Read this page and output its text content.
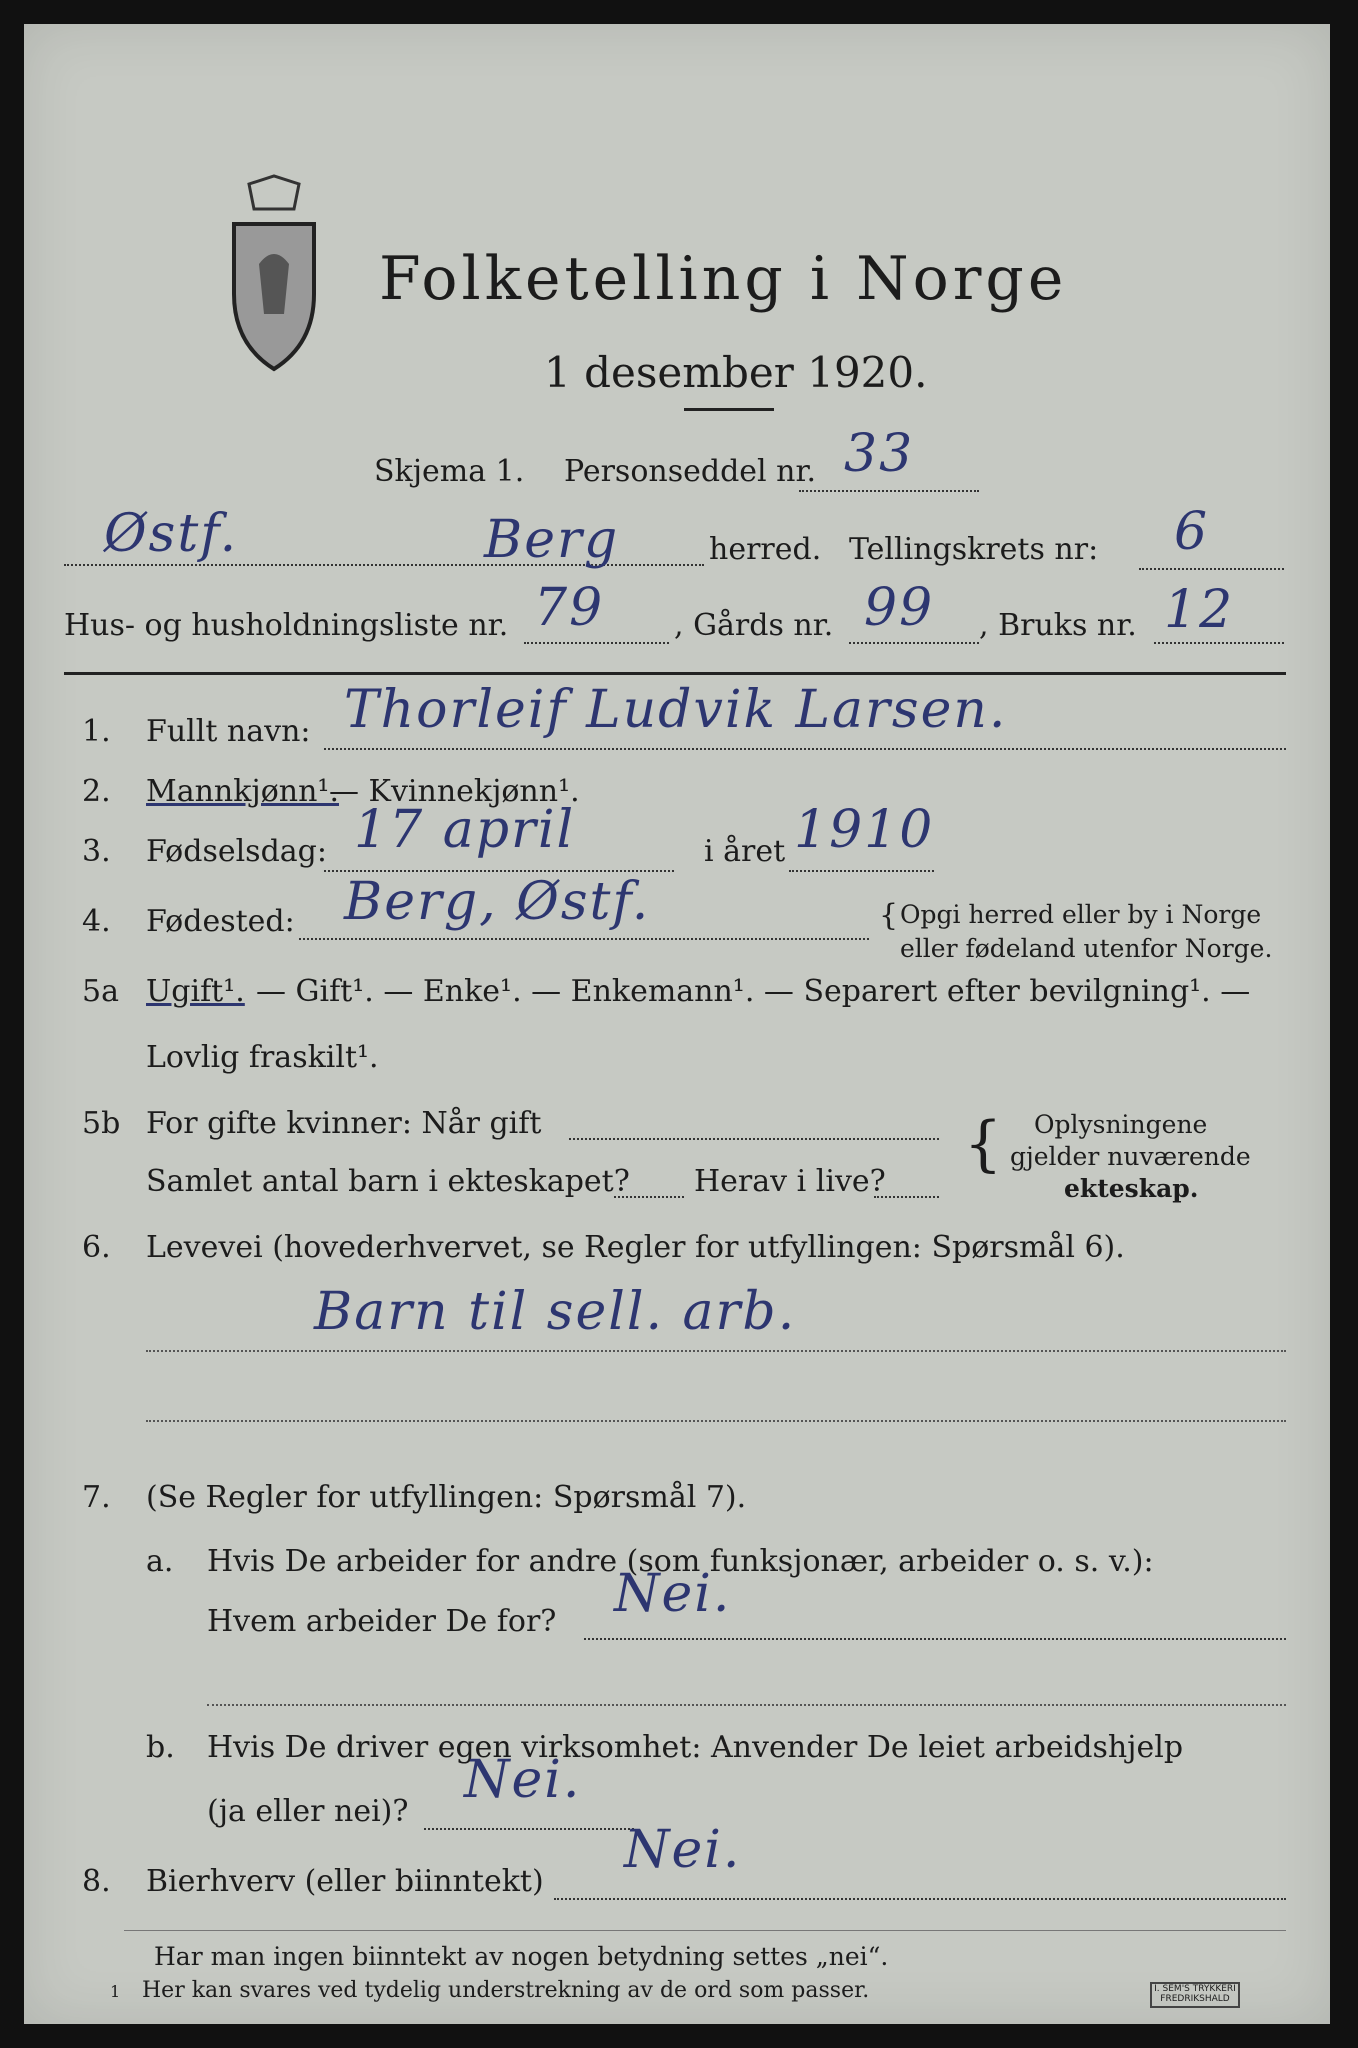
Folketelling i Norge
1 desember 1920.
Skjema 1. Personseddel nr. 33
Østf.	Berg	herred. Tellingskrets nr: 6
Hus- og husholdningsliste nr. 79 , Gårds nr. 99 , Bruks nr. 12
1. Fullt navn: Thorleif Ludvik Larsen.
2. Mannkjønn¹.
— Kvinnekjønn¹.
3. Fødselsdag: 17 april	i året 1910
4. Fødested: Berg, Østf.	{ Opgi herred eller by i Norge
eller fødeland utenfor Norge.
5a Ugift¹. — Gift¹. — Enke¹. — Enkemann¹. — Separert efter bevilgning¹. —
Lovlig fraskilt¹.
5b For gifte kvinner: Når gift
Samlet antal barn i ekteskapet? Herav i live?
{ Oplysningene
gjelder nuværende
ekteskap.
6. Levevei (hovederhvervet, se Regler for utfyllingen: Spørsmål 6).
Barn til sell. arb.
7. (Se Regler for utfyllingen: Spørsmål 7).
a. Hvis De arbeider for andre (som funksjonær, arbeider o. s. v.):
Hvem arbeider De for? Nei.
b. Hvis De driver egen virksomhet: Anvender De leiet arbeidshjelp
(ja eller nei)?
Nei.
8. Bierhverv (eller biinntekt)
Nei.
Har man ingen biinntekt av nogen betydning settes „nei“.
1 Her kan svares ved tydelig understrekning av de ord som passer.	I. SEM'S TRYKKERI FREDRIKSHALD
